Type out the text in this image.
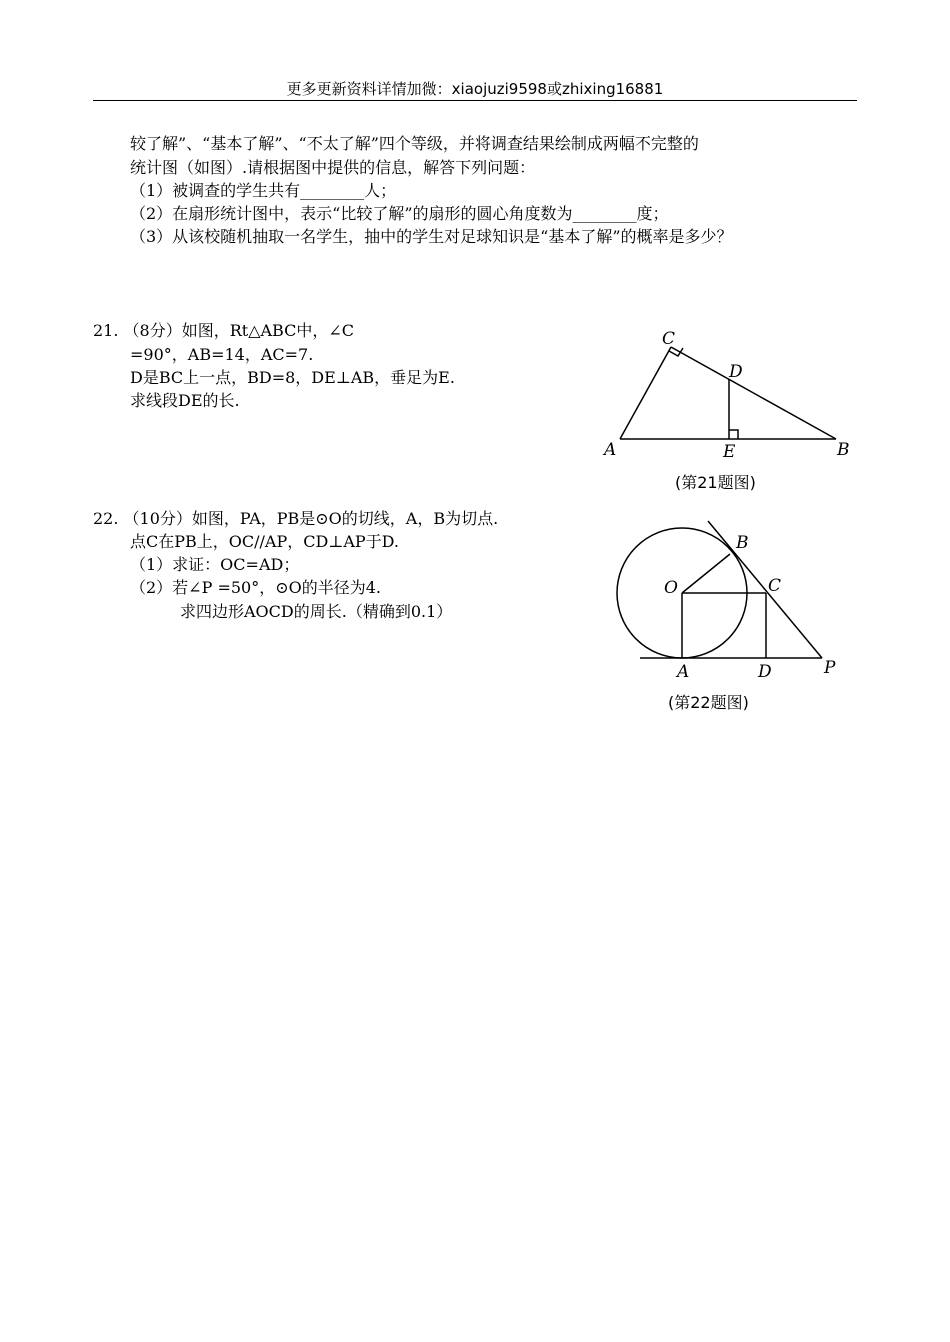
更多更新资料详情加微：xiaojuzi9598或zhixing16881
较了解”、“基本了解”、“不太了解”四个等级，并将调查结果绘制成两幅不完整的
统计图（如图）.请根据图中提供的信息，解答下列问题：
（1）被调查的学生共有________人；
（2）在扇形统计图中，表示“比较了解”的扇形的圆心角度数为________度；
（3）从该校随机抽取一名学生，抽中的学生对足球知识是“基本了解”的概率是多少？
21. （8分）如图，Rt△ABC中，∠C
=90°，AB=14，AC=7.
D是BC上一点，BD=8，DE⊥AB，垂足为E.
求线段DE的长.
C
D
A	E	B
(第21题图)
22. （10分）如图，PA，PB是⊙O的切线，A，B为切点.
点C在PB上，OC//AP，CD⊥AP于D.
（1）求证：OC=AD；
（2）若∠P =50°，⊙O的半径为4.
求四边形AOCD的周长.（精确到0.1）
O
B
C
A	D	P
(第22题图)
